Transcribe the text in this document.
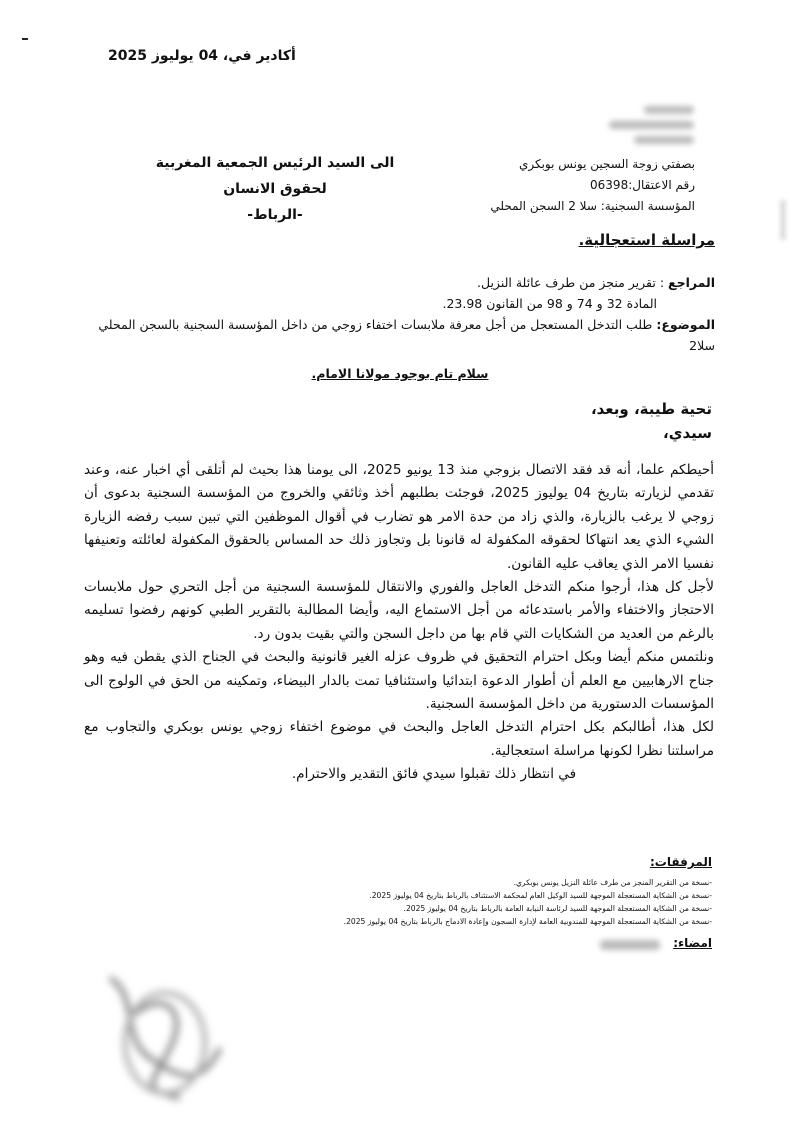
أكادير في، 04 يوليوز 2025
بصفتي زوجة السجين يونس بوبكري
رقم الاعتقال:06398
المؤسسة السجنية: سلا 2 السجن المحلي
الى السيد الرئيس الجمعية المغربية لحقوق الانسان
-الرباط-
مراسلة استعجالية.
المراجع : تقرير منجز من طرف عائلة النزيل.
المادة 32 و 74 و 98 من القانون 23.98.
الموضوع: طلب التدخل المستعجل من أجل معرفة ملابسات اختفاء زوجي من داخل المؤسسة السجنية بالسجن المحلي سلا2
سلام تام بوجود مولانا الامام.
تحية طيبة، وبعد،
سيدي،

أحيطكم علما، أنه قد فقد الاتصال بزوجي منذ 13 يونيو 2025، الى يومنا هذا بحيث لم أتلقى أي اخبار عنه، وعند تقدمي لزيارته بتاريخ 04 يوليوز 2025، فوجئت بطلبهم أخذ وثائقي والخروج من المؤسسة السجنية بدعوى أن زوجي لا يرغب بالزيارة، والذي زاد من حدة الامر هو تضارب في أقوال الموظفين التي تبين سبب رفضه الزيارة الشيء الذي يعد انتهاكا لحقوقه المكفولة له قانونا بل وتجاوز ذلك حد المساس بالحقوق المكفولة لعائلته وتعنيفها نفسيا الامر الذي يعاقب عليه القانون.

لأجل كل هذا، أرجوا منكم التدخل العاجل والفوري والانتقال للمؤسسة السجنية من أجل التحري حول ملابسات الاحتجاز والاختفاء والأمر باستدعائه من أجل الاستماع اليه، وأيضا المطالبة بالتقرير الطبي كونهم رفضوا تسليمه بالرغم من العديد من الشكايات التي قام بها من داجل السجن والتي بقيت بدون رد.

ونلتمس منكم أيضا وبكل احترام التحقيق في ظروف عزله الغير قانونية والبحث في الجناح الذي يقطن فيه وهو جناح الارهابيين مع العلم أن أطوار الدعوة ابتدائيا واستئنافيا تمت بالدار البيضاء، وتمكينه من الحق في الولوج الى المؤسسات الدستورية من داخل المؤسسة السجنية.

لكل هذا، أطالبكم بكل احترام التدخل العاجل والبحث في موضوع اختفاء زوجي يونس بوبكري والتجاوب مع مراسلتنا نظرا لكونها مراسلة استعجالية.

في انتظار ذلك تقبلوا سيدي فائق التقدير والاحترام.

المرفقات:
-نسخة من التقرير المنجز من طرف عائلة النزيل يونس بوبكري.
-نسخة من الشكاية المستعجلة الموجهة للسيد الوكيل العام لمحكمة الاستئناف بالرباط بتاريخ 04 يوليوز 2025.
-نسخة من الشكاية المستعجلة الموجهة للسيد لرئاسة النيابة العامة بالرباط بتاريخ 04 يوليوز 2025.
-نسخة من الشكاية المستعجلة الموجهة للمندوبية العامة لإدارة السجون وإعادة الادماج بالرباط بتاريخ 04 يوليوز 2025.
امضاء:
